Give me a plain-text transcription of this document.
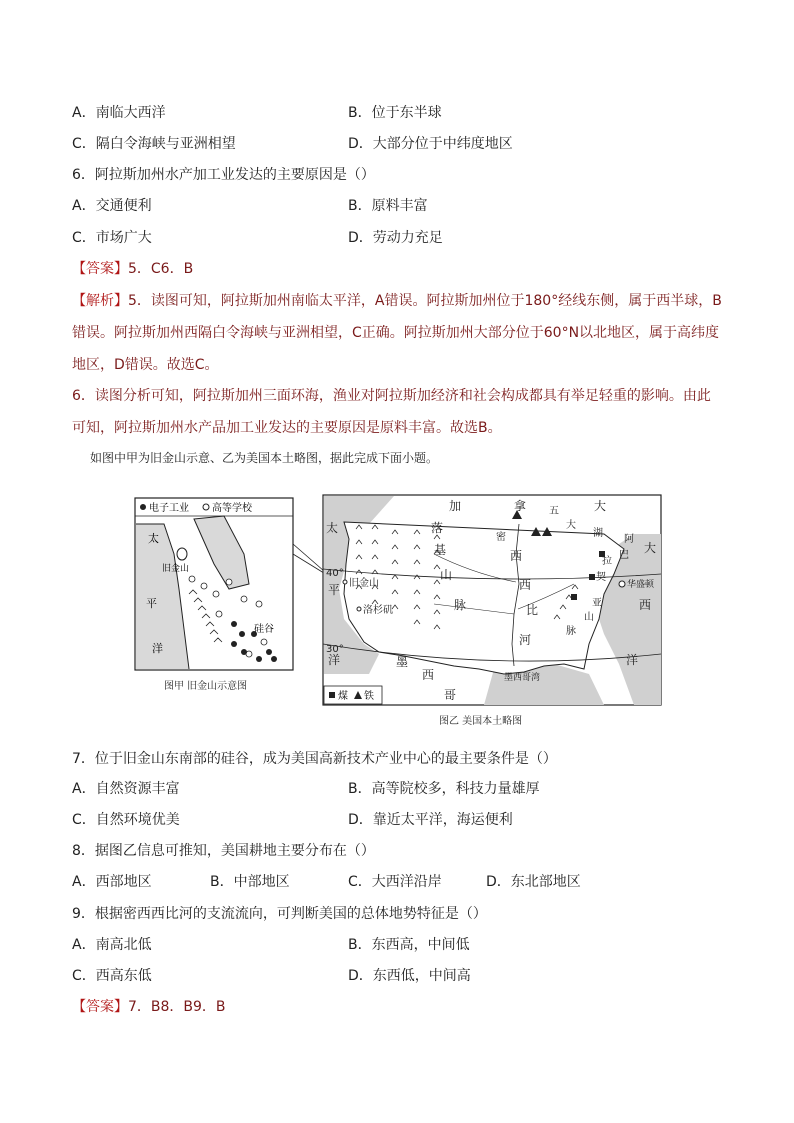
A．南临大西洋	B．位于东半球
C．隔白令海峡与亚洲相望	D．大部分位于中纬度地区
6．阿拉斯加州水产加工业发达的主要原因是（）
A．交通便利	B．原料丰富
C．市场广大	D．劳动力充足
【答案】5．C6．B
【解析】5．读图可知，阿拉斯加州南临太平洋，A错误。阿拉斯加州位于180°经线东侧，属于西半球，B错误。阿拉斯加州西隔白令海峡与亚洲相望，C正确。阿拉斯加州大部分位于60°N以北地区，属于高纬度地区，D错误。故选C。
6．读图分析可知，阿拉斯加州三面环海，渔业对阿拉斯加经济和社会构成都具有举足轻重的影响。由此可知，阿拉斯加州水产品加工业发达的主要原因是原料丰富。故选B。
如图中甲为旧金山示意、乙为美国本土略图，据此完成下面小题。
电子工业 高等学校
太
平
洋
旧金山
硅谷
加	拿	大
五
大
湖
落
基
山
脉
密
西
西
比
河
阿
巴
拉
契
亚
山
脉
太
平
洋
大
西
洋
墨
西
哥
墨西哥湾
旧金山
洛杉矶
华盛顿
40°
30°
煤 铁
图甲 旧金山示意图
图乙 美国本土略图
7．位于旧金山东南部的硅谷，成为美国高新技术产业中心的最主要条件是（）
A．自然资源丰富	B．高等院校多，科技力量雄厚
C．自然环境优美	D．靠近太平洋，海运便利
8．据图乙信息可推知，美国耕地主要分布在（）
A．西部地区	B．中部地区	C．大西洋沿岸	D．东北部地区
9．根据密西西比河的支流流向，可判断美国的总体地势特征是（）
A．南高北低	B．东西高，中间低
C．西高东低	D．东西低，中间高
【答案】7．B8．B9．B
